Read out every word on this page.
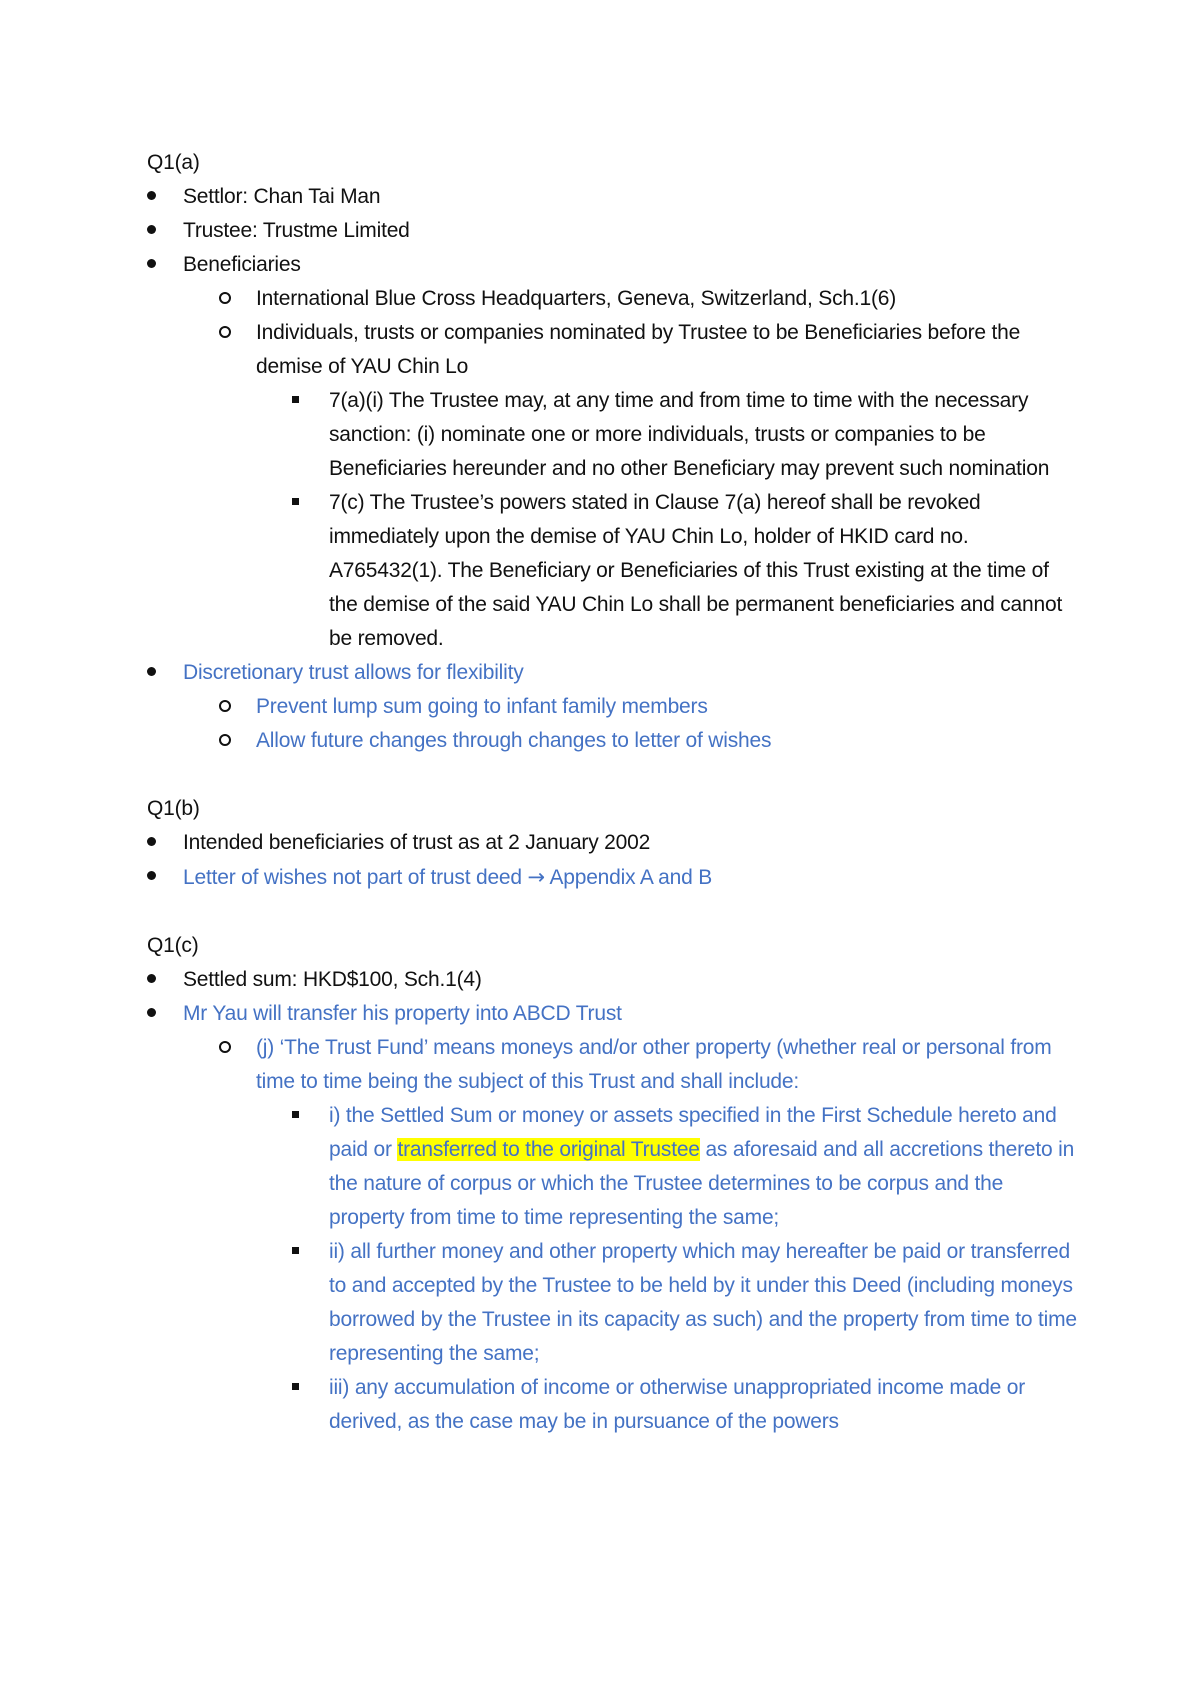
Q1(a)
Settlor: Chan Tai Man
Trustee: Trustme Limited
Beneficiaries
International Blue Cross Headquarters, Geneva, Switzerland, Sch.1(6)
Individuals, trusts or companies nominated by Trustee to be Beneficiaries before the demise of YAU Chin Lo
7(a)(i) The Trustee may, at any time and from time to time with the necessary sanction: (i) nominate one or more individuals, trusts or companies to be Beneficiaries hereunder and no other Beneficiary may prevent such nomination
7(c) The Trustee’s powers stated in Clause 7(a) hereof shall be revoked immediately upon the demise of YAU Chin Lo, holder of HKID card no. A765432(1). The Beneficiary or Beneficiaries of this Trust existing at the time of the demise of the said YAU Chin Lo shall be permanent beneficiaries and cannot be removed.
Discretionary trust allows for flexibility
Prevent lump sum going to infant family members
Allow future changes through changes to letter of wishes
Q1(b)
Intended beneficiaries of trust as at 2 January 2002
Letter of wishes not part of trust deed → Appendix A and B
Q1(c)
Settled sum: HKD$100, Sch.1(4)
Mr Yau will transfer his property into ABCD Trust
(j) ‘The Trust Fund’ means moneys and/or other property (whether real or personal from time to time being the subject of this Trust and shall include:
i) the Settled Sum or money or assets specified in the First Schedule hereto and paid or transferred to the original Trustee as aforesaid and all accretions thereto in the nature of corpus or which the Trustee determines to be corpus and the property from time to time representing the same;
ii) all further money and other property which may hereafter be paid or transferred to and accepted by the Trustee to be held by it under this Deed (including moneys borrowed by the Trustee in its capacity as such) and the property from time to time representing the same;
iii) any accumulation of income or otherwise unappropriated income made or derived, as the case may be in pursuance of the powers
